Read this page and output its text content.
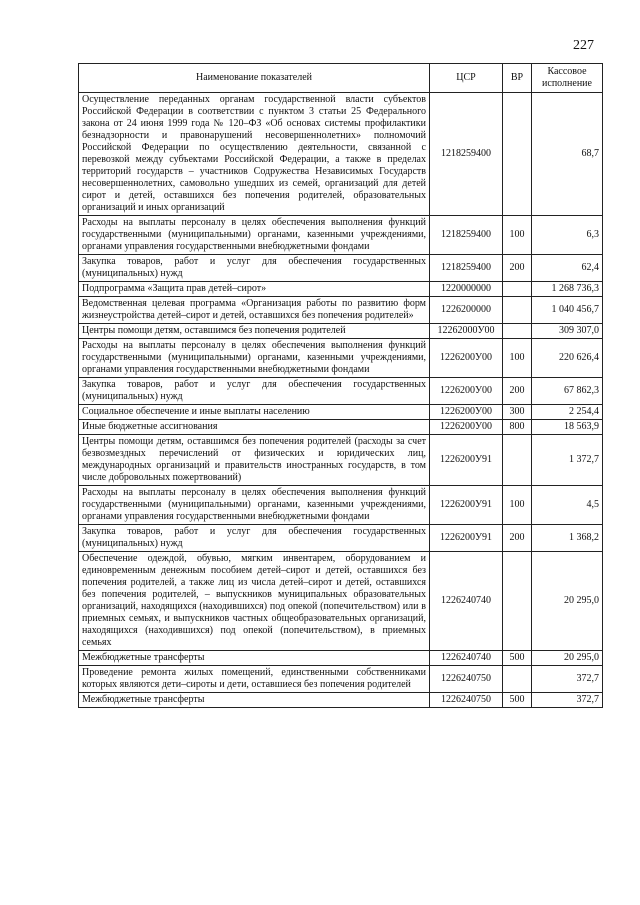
227
Наименование показателей	ЦСР	ВР	Кассовое исполнение
Осуществление переданных органам государственной власти субъектов Российской Федерации в соответствии с пунктом 3 статьи 25 Федерального закона от 24 июня 1999 года № 120–ФЗ «Об основах системы профилактики безнадзорности и правонарушений несовершеннолетних» полномочий Российской Федерации по осуществлению деятельности, связанной с перевозкой между субъектами Российской Федерации, а также в пределах территорий государств – участников Содружества Независимых Государств несовершеннолетних, самовольно ушедших из семей, организаций для детей сирот и детей, оставшихся без попечения родителей, образовательных организаций и иных организаций	1218259400		68,7
Расходы на выплаты персоналу в целях обеспечения выполнения функций государственными (муниципальными) органами, казенными учреждениями, органами управления государственными внебюджетными фондами	1218259400	100	6,3
Закупка товаров, работ и услуг для обеспечения государственных (муниципальных) нужд	1218259400	200	62,4
Подпрограмма «Защита прав детей–сирот»	1220000000		1 268 736,3
Ведомственная целевая программа «Организация работы по развитию форм жизнеустройства детей–сирот и детей, оставшихся без попечения родителей»	1226200000		1 040 456,7
Центры помощи детям, оставшимся без попечения родителей	12262000У00		309 307,0
Расходы на выплаты персоналу в целях обеспечения выполнения функций государственными (муниципальными) органами, казенными учреждениями, органами управления государственными внебюджетными фондами	1226200У00	100	220 626,4
Закупка товаров, работ и услуг для обеспечения государственных (муниципальных) нужд	1226200У00	200	67 862,3
Социальное обеспечение и иные выплаты населению	1226200У00	300	2 254,4
Иные бюджетные ассигнования	1226200У00	800	18 563,9
Центры помощи детям, оставшимся без попечения родителей (расходы за счет безвозмездных перечислений от физических и юридических лиц, международных организаций и правительств иностранных государств, в том числе добровольных пожертвований)	1226200У91		1 372,7
Расходы на выплаты персоналу в целях обеспечения выполнения функций государственными (муниципальными) органами, казенными учреждениями, органами управления государственными внебюджетными фондами	1226200У91	100	4,5
Закупка товаров, работ и услуг для обеспечения государственных (муниципальных) нужд	1226200У91	200	1 368,2
Обеспечение одеждой, обувью, мягким инвентарем, оборудованием и единовременным денежным пособием детей–сирот и детей, оставшихся без попечения родителей, а также лиц из числа детей–сирот и детей, оставшихся без попечения родителей, – выпускников муниципальных образовательных организаций, находящихся (находившихся) под опекой (попечительством) или в приемных семьях, и выпускников частных общеобразовательных организаций, находящихся (находившихся) под опекой (попечительством), в приемных семьях	1226240740		20 295,0
Межбюджетные трансферты	1226240740	500	20 295,0
Проведение ремонта жилых помещений, единственными собственниками которых являются дети–сироты и дети, оставшиеся без попечения родителей	1226240750		372,7
Межбюджетные трансферты	1226240750	500	372,7
